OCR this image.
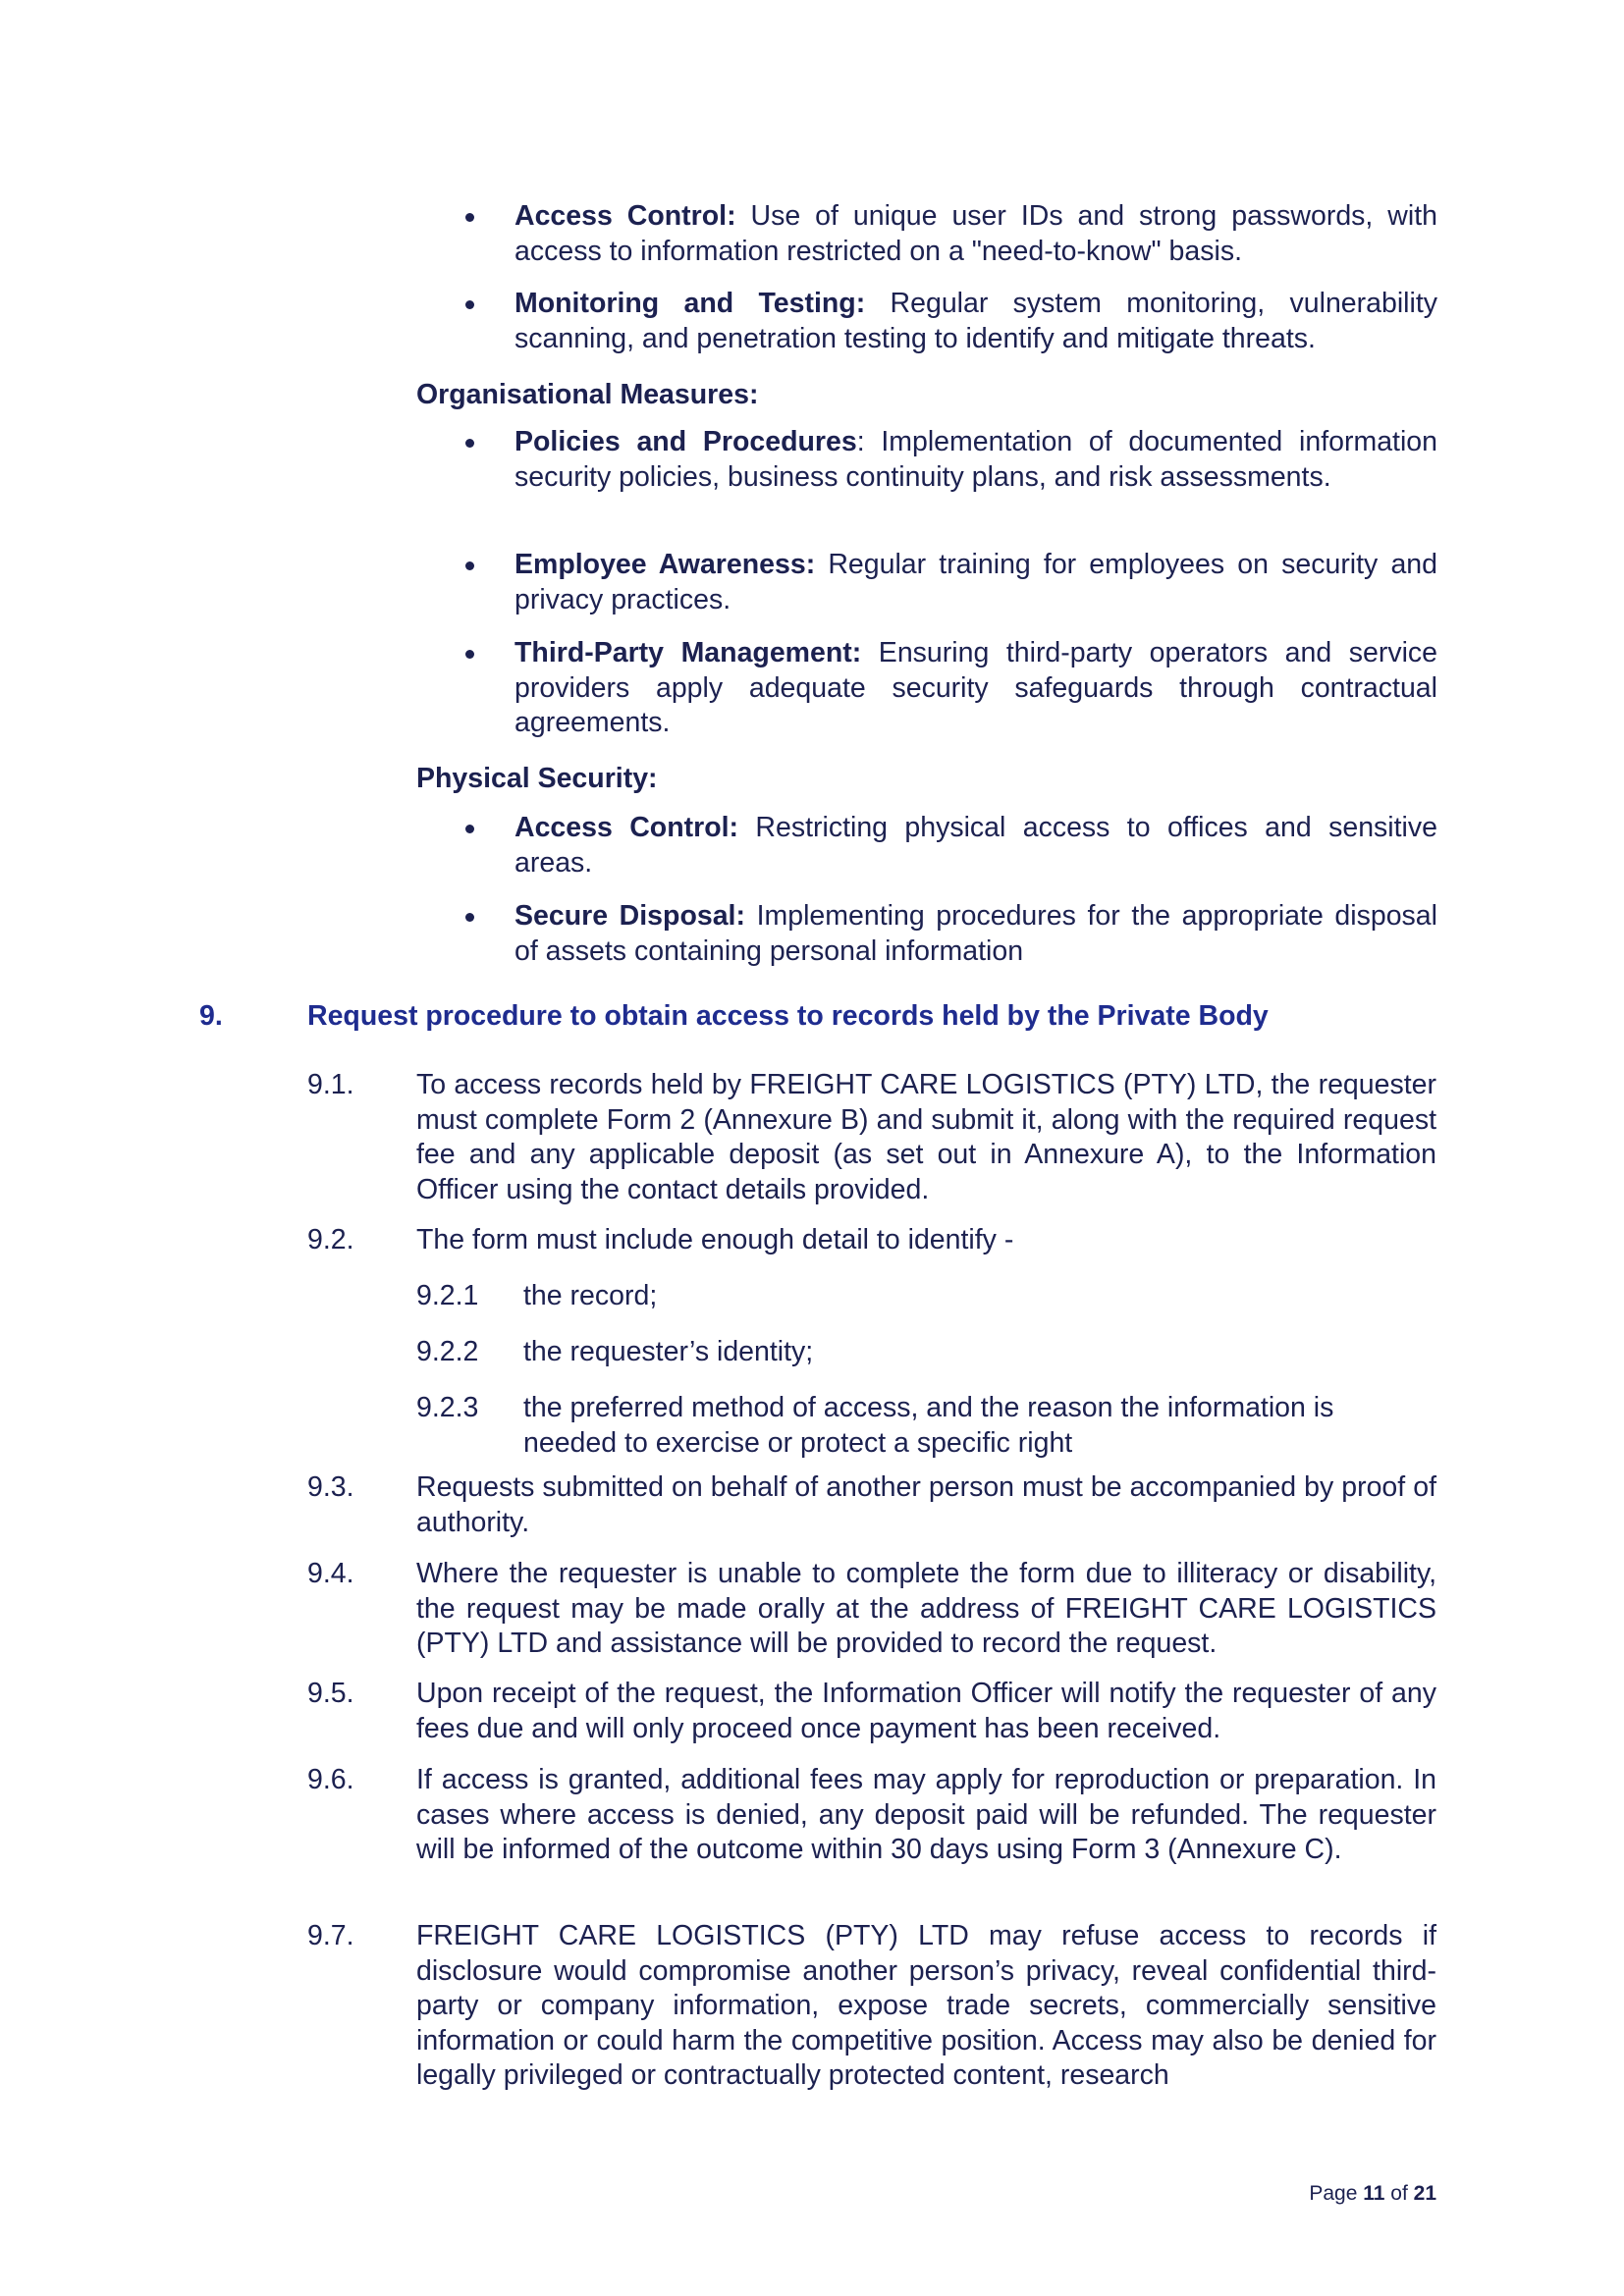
Access Control: Use of unique user IDs and strong passwords, with access to information restricted on a "need-to-know" basis.
Monitoring and Testing: Regular system monitoring, vulnerability scanning, and penetration testing to identify and mitigate threats.
Organisational Measures:
Policies and Procedures: Implementation of documented information security policies, business continuity plans, and risk assessments.
Employee Awareness: Regular training for employees on security and privacy practices.
Third-Party Management: Ensuring third-party operators and service providers apply adequate security safeguards through contractual agreements.
Physical Security:
Access Control: Restricting physical access to offices and sensitive areas.
Secure Disposal: Implementing procedures for the appropriate disposal of assets containing personal information
9.	Request procedure to obtain access to records held by the Private Body
9.1. To access records held by FREIGHT CARE LOGISTICS (PTY) LTD, the requester must complete Form 2 (Annexure B) and submit it, along with the required request fee and any applicable deposit (as set out in Annexure A), to the Information Officer using the contact details provided.
9.2. The form must include enough detail to identify -
9.2.1 the record;
9.2.2 the requester’s identity;
9.2.3 the preferred method of access, and the reason the information is needed to exercise or protect a specific right
9.3. Requests submitted on behalf of another person must be accompanied by proof of authority.
9.4. Where the requester is unable to complete the form due to illiteracy or disability, the request may be made orally at the address of FREIGHT CARE LOGISTICS (PTY) LTD and assistance will be provided to record the request.
9.5. Upon receipt of the request, the Information Officer will notify the requester of any fees due and will only proceed once payment has been received.
9.6. If access is granted, additional fees may apply for reproduction or preparation. In cases where access is denied, any deposit paid will be refunded. The requester will be informed of the outcome within 30 days using Form 3 (Annexure C).
9.7. FREIGHT CARE LOGISTICS (PTY) LTD may refuse access to records if disclosure would compromise another person’s privacy, reveal confidential third-party or company information, expose trade secrets, commercially sensitive information or could harm the competitive position. Access may also be denied for legally privileged or contractually protected content, research
Page 11 of 21
